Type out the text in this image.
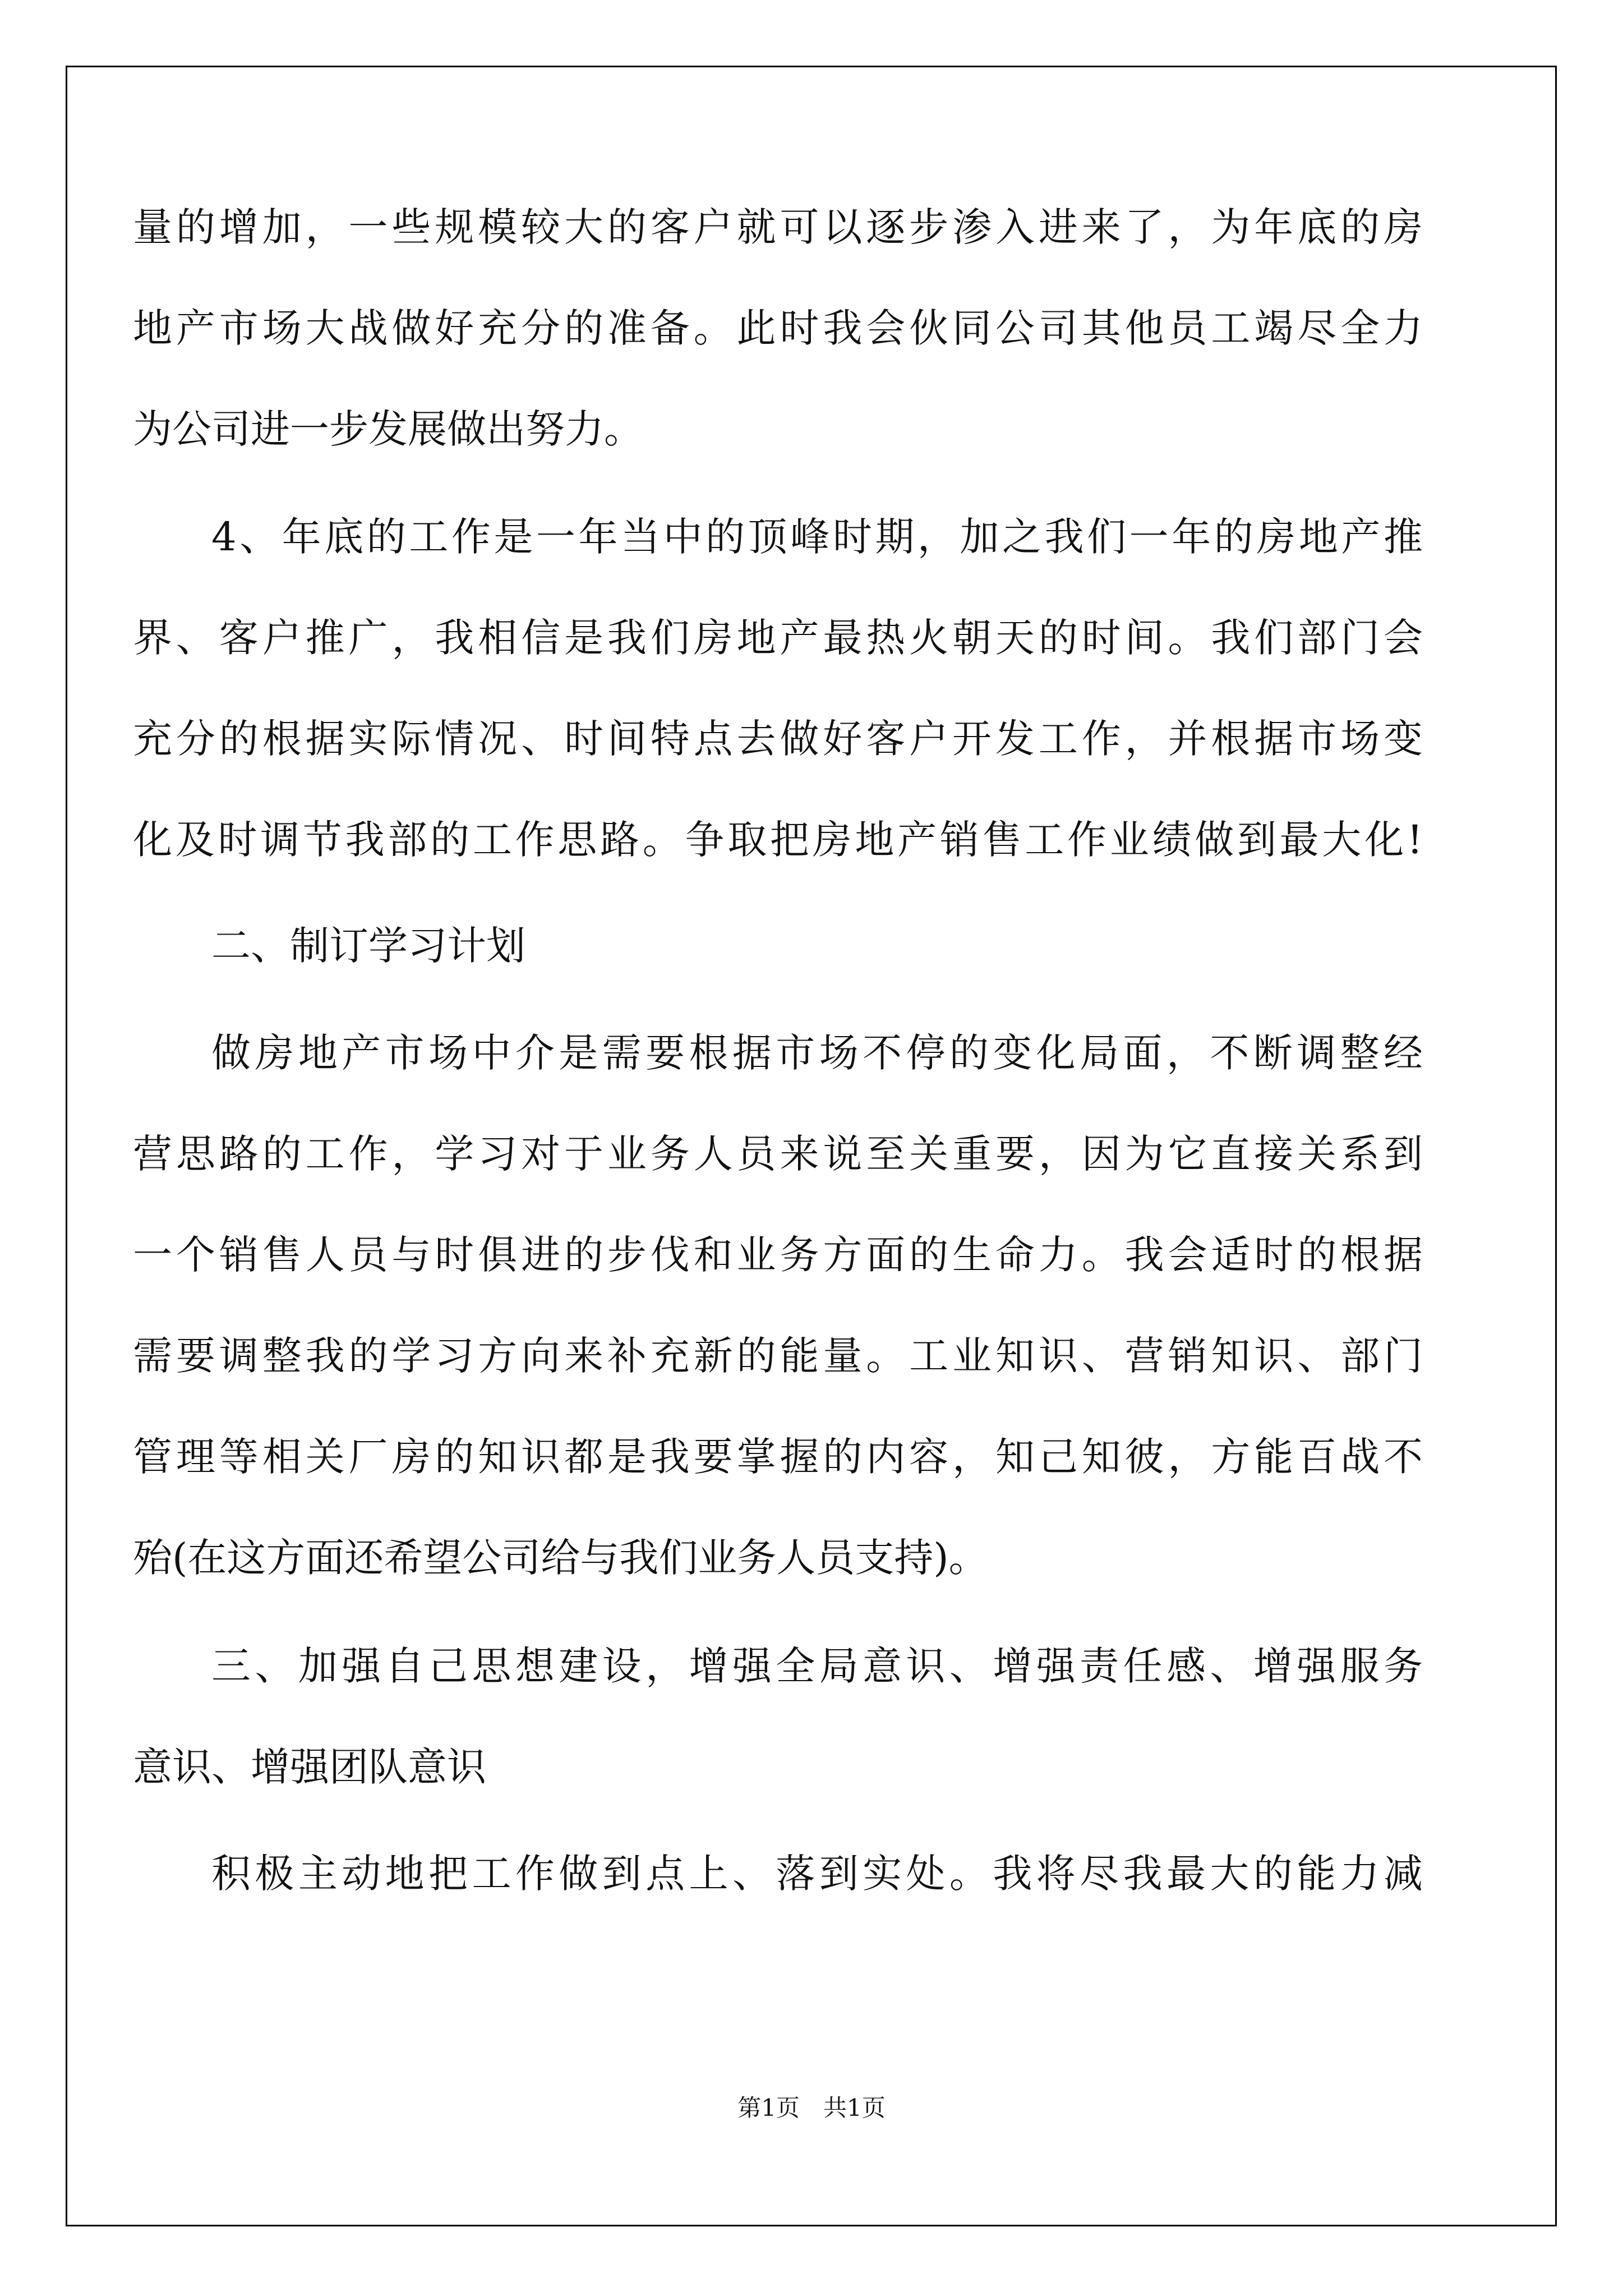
量的增加，一些规模较大的客户就可以逐步渗入进来了，为年底的房
地产市场大战做好充分的准备。此时我会伙同公司其他员工竭尽全力
为公司进一步发展做出努力。
4、年底的工作是一年当中的顶峰时期，加之我们一年的房地产推
界、客户推广，我相信是我们房地产最热火朝天的时间。我们部门会
充分的根据实际情况、时间特点去做好客户开发工作，并根据市场变
化及时调节我部的工作思路。争取把房地产销售工作业绩做到最大化!
二、制订学习计划
做房地产市场中介是需要根据市场不停的变化局面，不断调整经
营思路的工作，学习对于业务人员来说至关重要，因为它直接关系到
一个销售人员与时俱进的步伐和业务方面的生命力。我会适时的根据
需要调整我的学习方向来补充新的能量。工业知识、营销知识、部门
管理等相关厂房的知识都是我要掌握的内容，知己知彼，方能百战不
殆(在这方面还希望公司给与我们业务人员支持)。
三、加强自己思想建设，增强全局意识、增强责任感、增强服务
意识、增强团队意识
积极主动地把工作做到点上、落到实处。我将尽我最大的能力减
第1页　共1页
